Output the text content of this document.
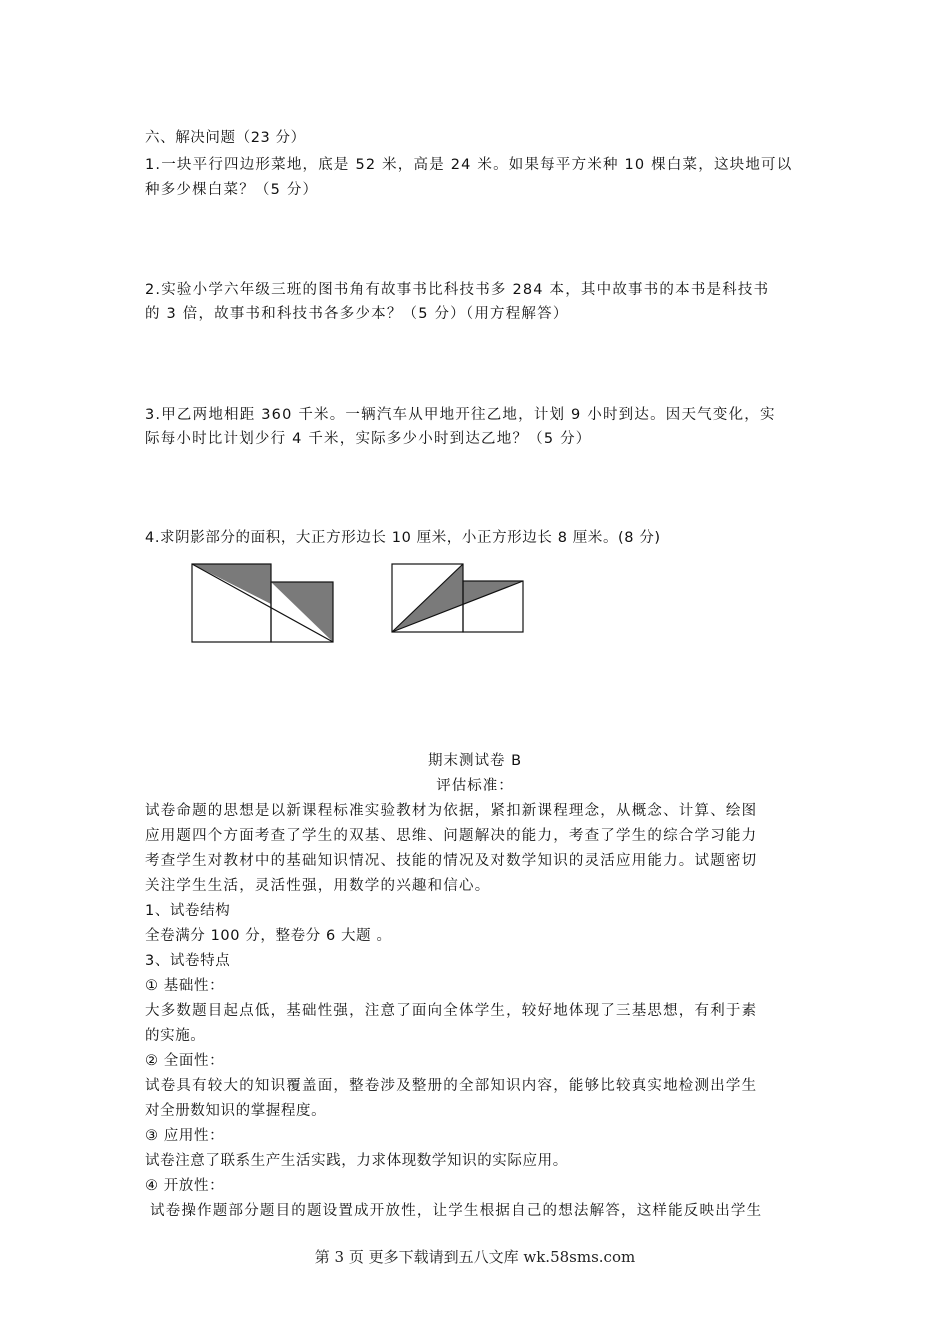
六、解决问题（23 分）
1.一块平行四边形菜地，底是 52 米，高是 24 米。如果每平方米种 10 棵白菜，这块地可以
种多少棵白菜？（5 分）
2.实验小学六年级三班的图书角有故事书比科技书多 284 本，其中故事书的本书是科技书
的 3 倍，故事书和科技书各多少本？（5 分）（用方程解答）
3.甲乙两地相距 360 千米。一辆汽车从甲地开往乙地，计划 9 小时到达。因天气变化，实
际每小时比计划少行 4 千米，实际多少小时到达乙地？（5 分）
4.求阴影部分的面积，大正方形边长 10 厘米，小正方形边长 8 厘米。(8 分)
期末测试卷 B
评估标准：
试卷命题的思想是以新课程标准实验教材为依据，紧扣新课程理念，从概念、计算、绘图
应用题四个方面考查了学生的双基、思维、问题解决的能力，考查了学生的综合学习能力
考查学生对教材中的基础知识情况、技能的情况及对数学知识的灵活应用能力。试题密切
关注学生生活，灵活性强，用数学的兴趣和信心。
1、试卷结构
全卷满分 100 分，整卷分 6 大题 。
3、试卷特点
① 基础性：
大多数题目起点低，基础性强，注意了面向全体学生，较好地体现了三基思想，有利于素
的实施。
② 全面性：
试卷具有较大的知识覆盖面，整卷涉及整册的全部知识内容，能够比较真实地检测出学生
对全册数知识的掌握程度。
③ 应用性：
试卷注意了联系生产生活实践，力求体现数学知识的实际应用。
④ 开放性：
试卷操作题部分题目的题设置成开放性，让学生根据自己的想法解答，这样能反映出学生
第 3 页 更多下载请到五八文库 wk.58sms.com
